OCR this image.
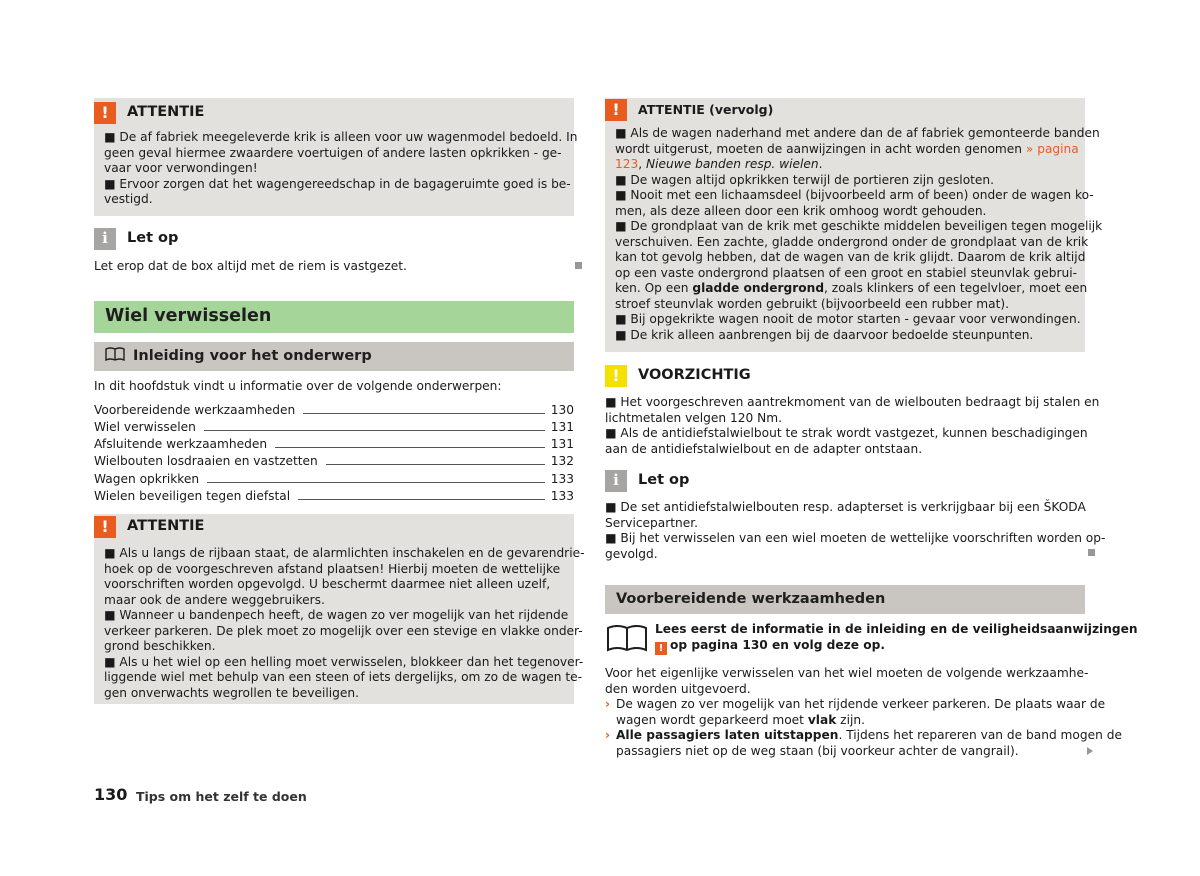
!	ATTENTIE
■ De af fabriek meegeleverde krik is alleen voor uw wagenmodel bedoeld. In
geen geval hiermee zwaardere voertuigen of andere lasten opkrikken - ge-
vaar voor verwondingen!
■ Ervoor zorgen dat het wagengereedschap in de bagageruimte goed is be-
vestigd.
i	Let op
Let erop dat de box altijd met de riem is vastgezet.
Wiel verwisselen
Inleiding voor het onderwerp
In dit hoofdstuk vindt u informatie over de volgende onderwerpen:
Voorbereidende werkzaamheden	130
Wiel verwisselen	131
Afsluitende werkzaamheden	131
Wielbouten losdraaien en vastzetten	132
Wagen opkrikken	133
Wielen beveiligen tegen diefstal	133
!	ATTENTIE
■ Als u langs de rijbaan staat, de alarmlichten inschakelen en de gevarendrie-
hoek op de voorgeschreven afstand plaatsen! Hierbij moeten de wettelijke
voorschriften worden opgevolgd. U beschermt daarmee niet alleen uzelf,
maar ook de andere weggebruikers.
■ Wanneer u bandenpech heeft, de wagen zo ver mogelijk van het rijdende
verkeer parkeren. De plek moet zo mogelijk over een stevige en vlakke onder-
grond beschikken.
■ Als u het wiel op een helling moet verwisselen, blokkeer dan het tegenover-
liggende wiel met behulp van een steen of iets dergelijks, om zo de wagen te-
gen onverwachts wegrollen te beveiligen.
!	ATTENTIE (vervolg)
■ Als de wagen naderhand met andere dan de af fabriek gemonteerde banden
wordt uitgerust, moeten de aanwijzingen in acht worden genomen » pagina
123, Nieuwe banden resp. wielen.
■ De wagen altijd opkrikken terwijl de portieren zijn gesloten.
■ Nooit met een lichaamsdeel (bijvoorbeeld arm of been) onder de wagen ko-
men, als deze alleen door een krik omhoog wordt gehouden.
■ De grondplaat van de krik met geschikte middelen beveiligen tegen mogelijk
verschuiven. Een zachte, gladde ondergrond onder de grondplaat van de krik
kan tot gevolg hebben, dat de wagen van de krik glijdt. Daarom de krik altijd
op een vaste ondergrond plaatsen of een groot en stabiel steunvlak gebrui-
ken. Op een gladde ondergrond, zoals klinkers of een tegelvloer, moet een
stroef steunvlak worden gebruikt (bijvoorbeeld een rubber mat).
■ Bij opgekrikte wagen nooit de motor starten - gevaar voor verwondingen.
■ De krik alleen aanbrengen bij de daarvoor bedoelde steunpunten.
!	VOORZICHTIG
■ Het voorgeschreven aantrekmoment van de wielbouten bedraagt bij stalen en
lichtmetalen velgen 120 Nm.
■ Als de antidiefstalwielbout te strak wordt vastgezet, kunnen beschadigingen
aan de antidiefstalwielbout en de adapter ontstaan.
i	Let op
■ De set antidiefstalwielbouten resp. adapterset is verkrijgbaar bij een ŠKODA
Servicepartner.
■ Bij het verwisselen van een wiel moeten de wettelijke voorschriften worden op-
gevolgd.
Voorbereidende werkzaamheden
Lees eerst de informatie in de inleiding en de veiligheidsaanwijzingen
! op pagina 130 en volg deze op.
Voor het eigenlijke verwisselen van het wiel moeten de volgende werkzaamhe-
den worden uitgevoerd.
› De wagen zo ver mogelijk van het rijdende verkeer parkeren. De plaats waar de
wagen wordt geparkeerd moet vlak zijn.
› Alle passagiers laten uitstappen. Tijdens het repareren van de band mogen de
passagiers niet op de weg staan (bij voorkeur achter de vangrail).
130 Tips om het zelf te doen
